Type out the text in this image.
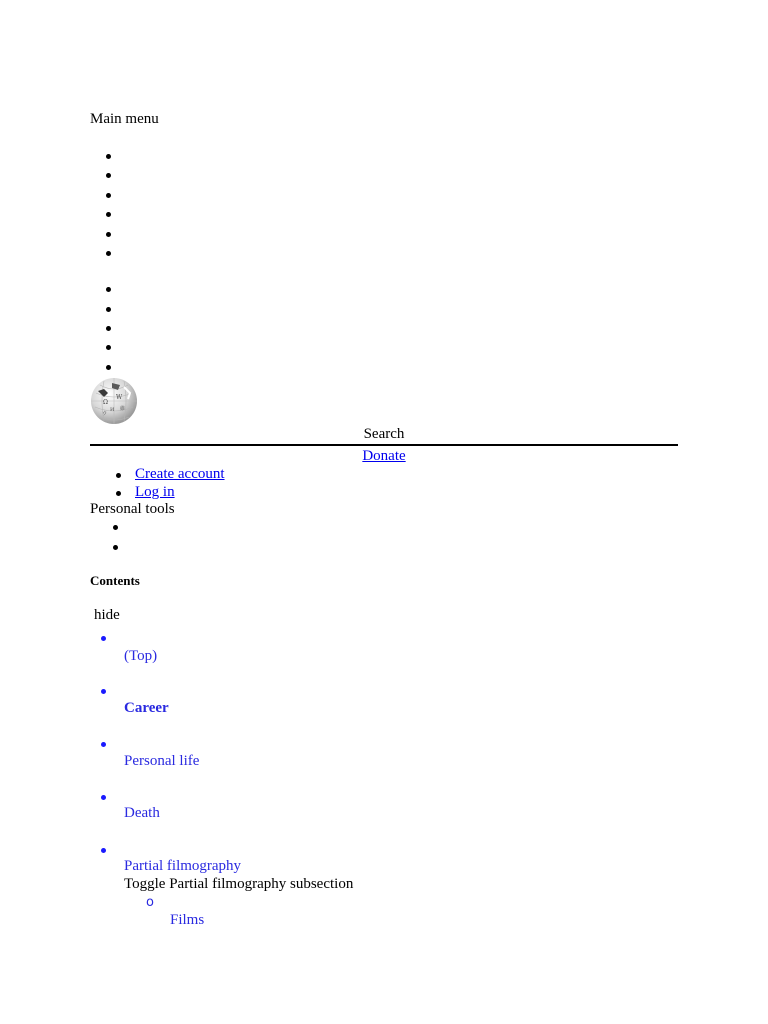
Main menu
Ω
W
И 維
ウ
Search
Donate
Create account
Log in
Personal tools
Contents
hide
(Top)
Career
Personal life
Death
Partial filmography
Toggle Partial filmography subsection
o
Films
